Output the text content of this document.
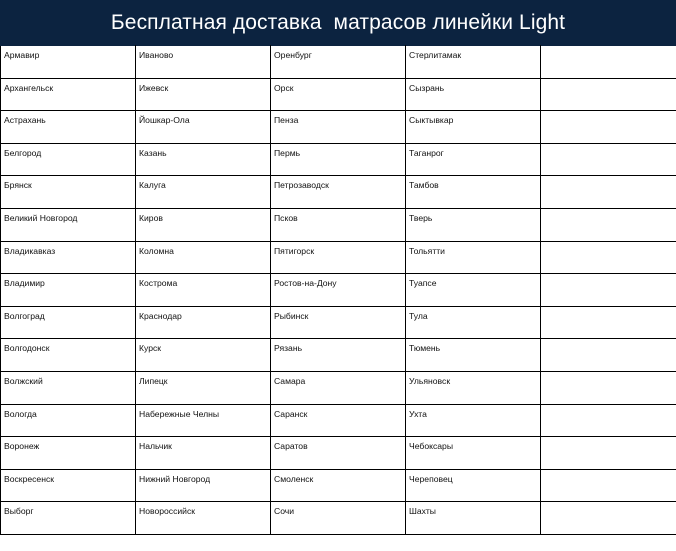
Бесплатная доставка  матрасов линейки Light
Армавир	Иваново	Оренбург	Стерлитамак	
Архангельск	Ижевск	Орск	Сызрань	
Астрахань	Йошкар-Ола	Пенза	Сыктывкар	
Белгород	Казань	Пермь	Таганрог	
Брянск	Калуга	Петрозаводск	Тамбов	
Великий Новгород	Киров	Псков	Тверь	
Владикавказ	Коломна	Пятигорск	Тольятти	
Владимир	Кострома	Ростов-на-Дону	Туапсе	
Волгоград	Краснодар	Рыбинск	Тула	
Волгодонск	Курск	Рязань	Тюмень	
Волжский	Липецк	Самара	Ульяновск	
Вологда	Набережные Челны	Саранск	Ухта	
Воронеж	Нальчик	Саратов	Чебоксары	
Воскресенск	Нижний Новгород	Смоленск	Череповец	
Выборг	Новороссийск	Сочи	Шахты	
